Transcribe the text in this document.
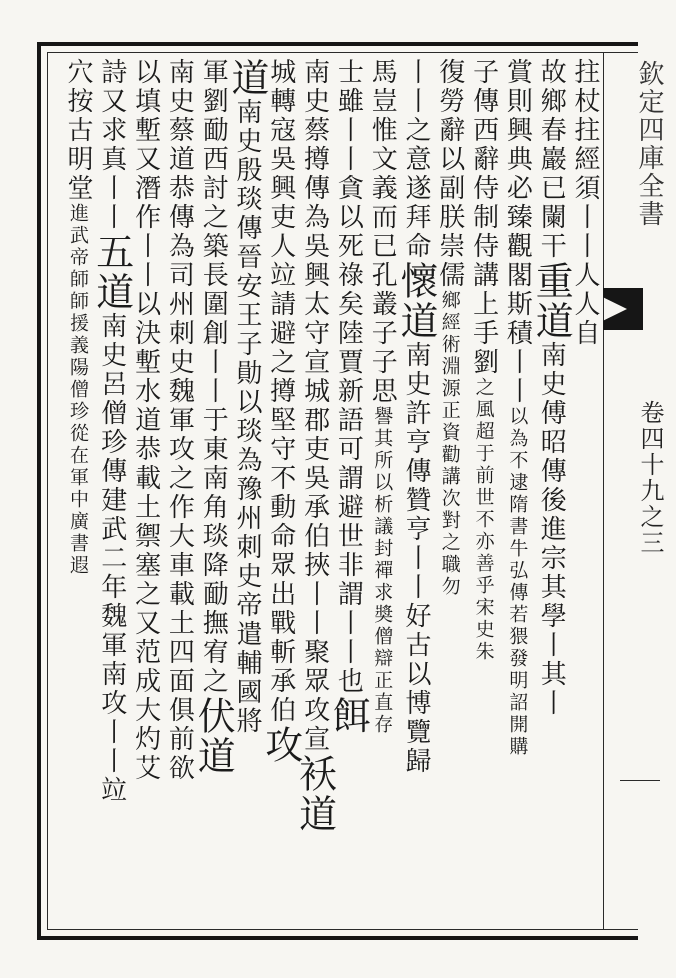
欽定四庫全書
卷四十九之三
拄杖拄經須丨丨人人自
故鄉春巖已闌干重道南史傅昭傳後進宗其學丨其丨
賞則興典必臻觀閣斯積丨丨以為不逮隋書牛弘傳若猥發明詔開購
子傳西辭侍制侍講上手劉之風超于前世不亦善乎宋史朱
復勞辭以副朕崇儒鄉經術淵源正資勸講次對之職勿
丨丨之意遂拜命懷道南史許亨傳贊亨丨丨好古以博覽歸
馬豈惟文義而已孔叢子子思譽其所以析議封禪求奬僧辯正直存
士雖丨丨貪以死祿矣陸賈新語可謂避世非謂丨丨也餌
南史蔡撙傳為吳興太守宣城郡吏吳承伯挾丨丨聚眾攻宣袄道
城轉寇吳興吏人竝請避之撙堅守不動命眾出戰斬承伯攻
道南史殷琰傳晉安王子勛以琰為豫州刺史帝遣輔國將
軍劉勔西討之築長圍創丨丨于東南角琰降勔撫宥之伏道
南史蔡道恭傳為司州刺史魏軍攻之作大車載土四面俱前欲
以填塹又潛作丨丨以決塹水道恭載土禦塞之又范成大灼艾
詩又求真丨丨五道南史呂僧珍傳建武二年魏軍南攻丨丨竝
穴按古明堂進武帝師師援義陽僧珍從在軍中廣書遐
